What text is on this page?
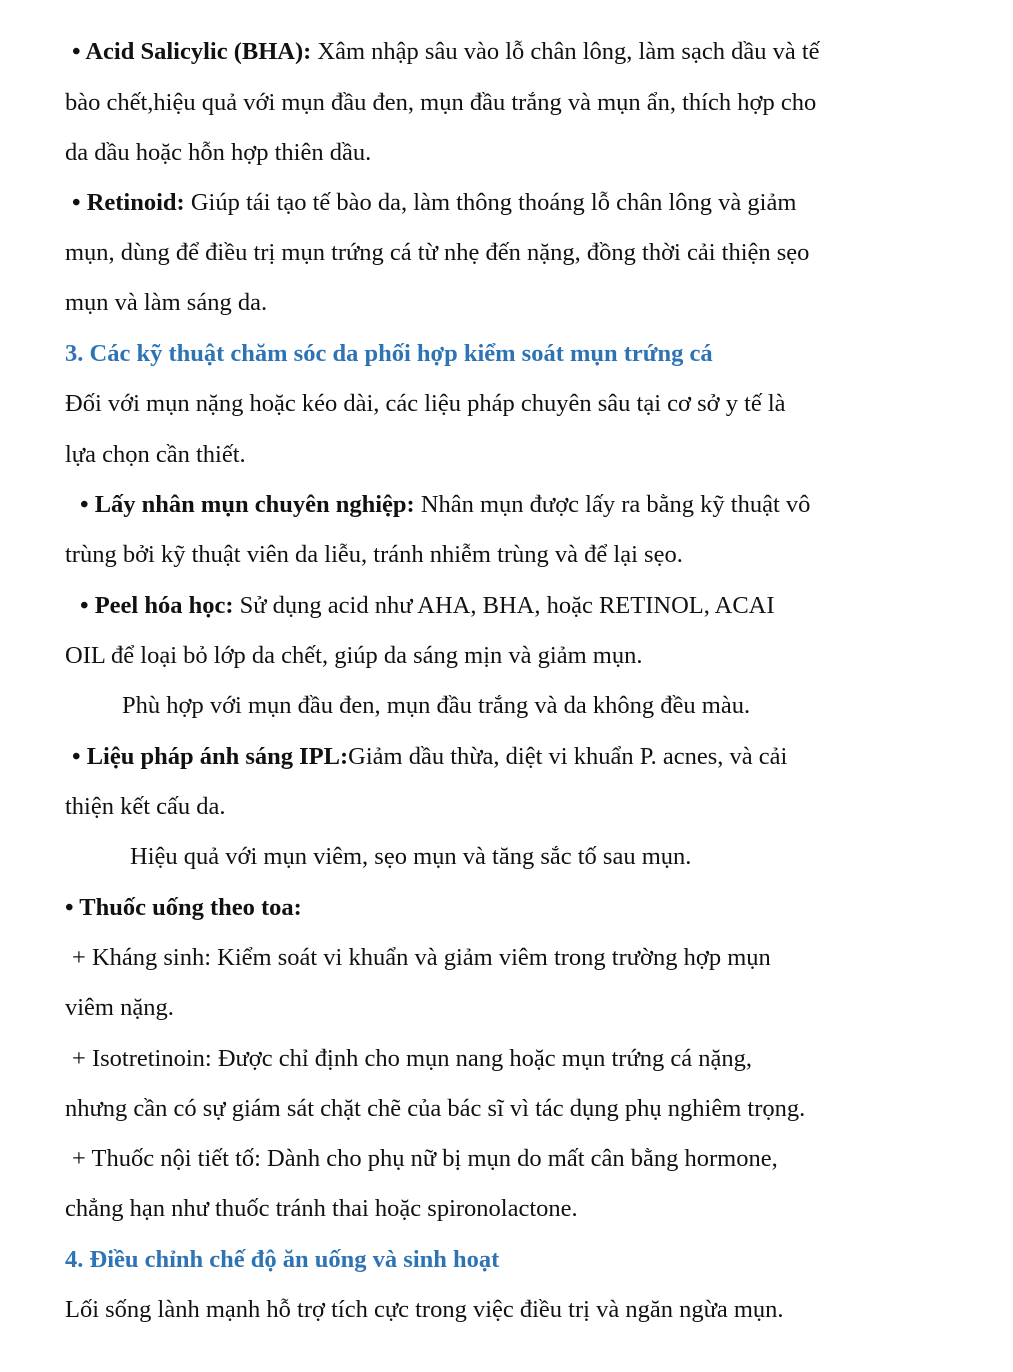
• Acid Salicylic (BHA): Xâm nhập sâu vào lỗ chân lông, làm sạch dầu và tế
bào chết,hiệu quả với mụn đầu đen, mụn đầu trắng và mụn ẩn, thích hợp cho
da dầu hoặc hỗn hợp thiên dầu.
• Retinoid: Giúp tái tạo tế bào da, làm thông thoáng lỗ chân lông và giảm
mụn, dùng để điều trị mụn trứng cá từ nhẹ đến nặng, đồng thời cải thiện sẹo
mụn và làm sáng da.
3. Các kỹ thuật chăm sóc da phối hợp kiểm soát mụn trứng cá
Đối với mụn nặng hoặc kéo dài, các liệu pháp chuyên sâu tại cơ sở y tế là
lựa chọn cần thiết.
• Lấy nhân mụn chuyên nghiệp: Nhân mụn được lấy ra bằng kỹ thuật vô
trùng bởi kỹ thuật viên da liễu, tránh nhiễm trùng và để lại sẹo.
• Peel hóa học: Sử dụng acid như AHA, BHA, hoặc RETINOL, ACAI
OIL để loại bỏ lớp da chết, giúp da sáng mịn và giảm mụn.
Phù hợp với mụn đầu đen, mụn đầu trắng và da không đều màu.
• Liệu pháp ánh sáng IPL:Giảm dầu thừa, diệt vi khuẩn P. acnes, và cải
thiện kết cấu da.
Hiệu quả với mụn viêm, sẹo mụn và tăng sắc tố sau mụn.
• Thuốc uống theo toa:
+ Kháng sinh: Kiểm soát vi khuẩn và giảm viêm trong trường hợp mụn
viêm nặng.
+ Isotretinoin: Được chỉ định cho mụn nang hoặc mụn trứng cá nặng,
nhưng cần có sự giám sát chặt chẽ của bác sĩ vì tác dụng phụ nghiêm trọng.
+ Thuốc nội tiết tố: Dành cho phụ nữ bị mụn do mất cân bằng hormone,
chẳng hạn như thuốc tránh thai hoặc spironolactone.
4. Điều chỉnh chế độ ăn uống và sinh hoạt
Lối sống lành mạnh hỗ trợ tích cực trong việc điều trị và ngăn ngừa mụn.
